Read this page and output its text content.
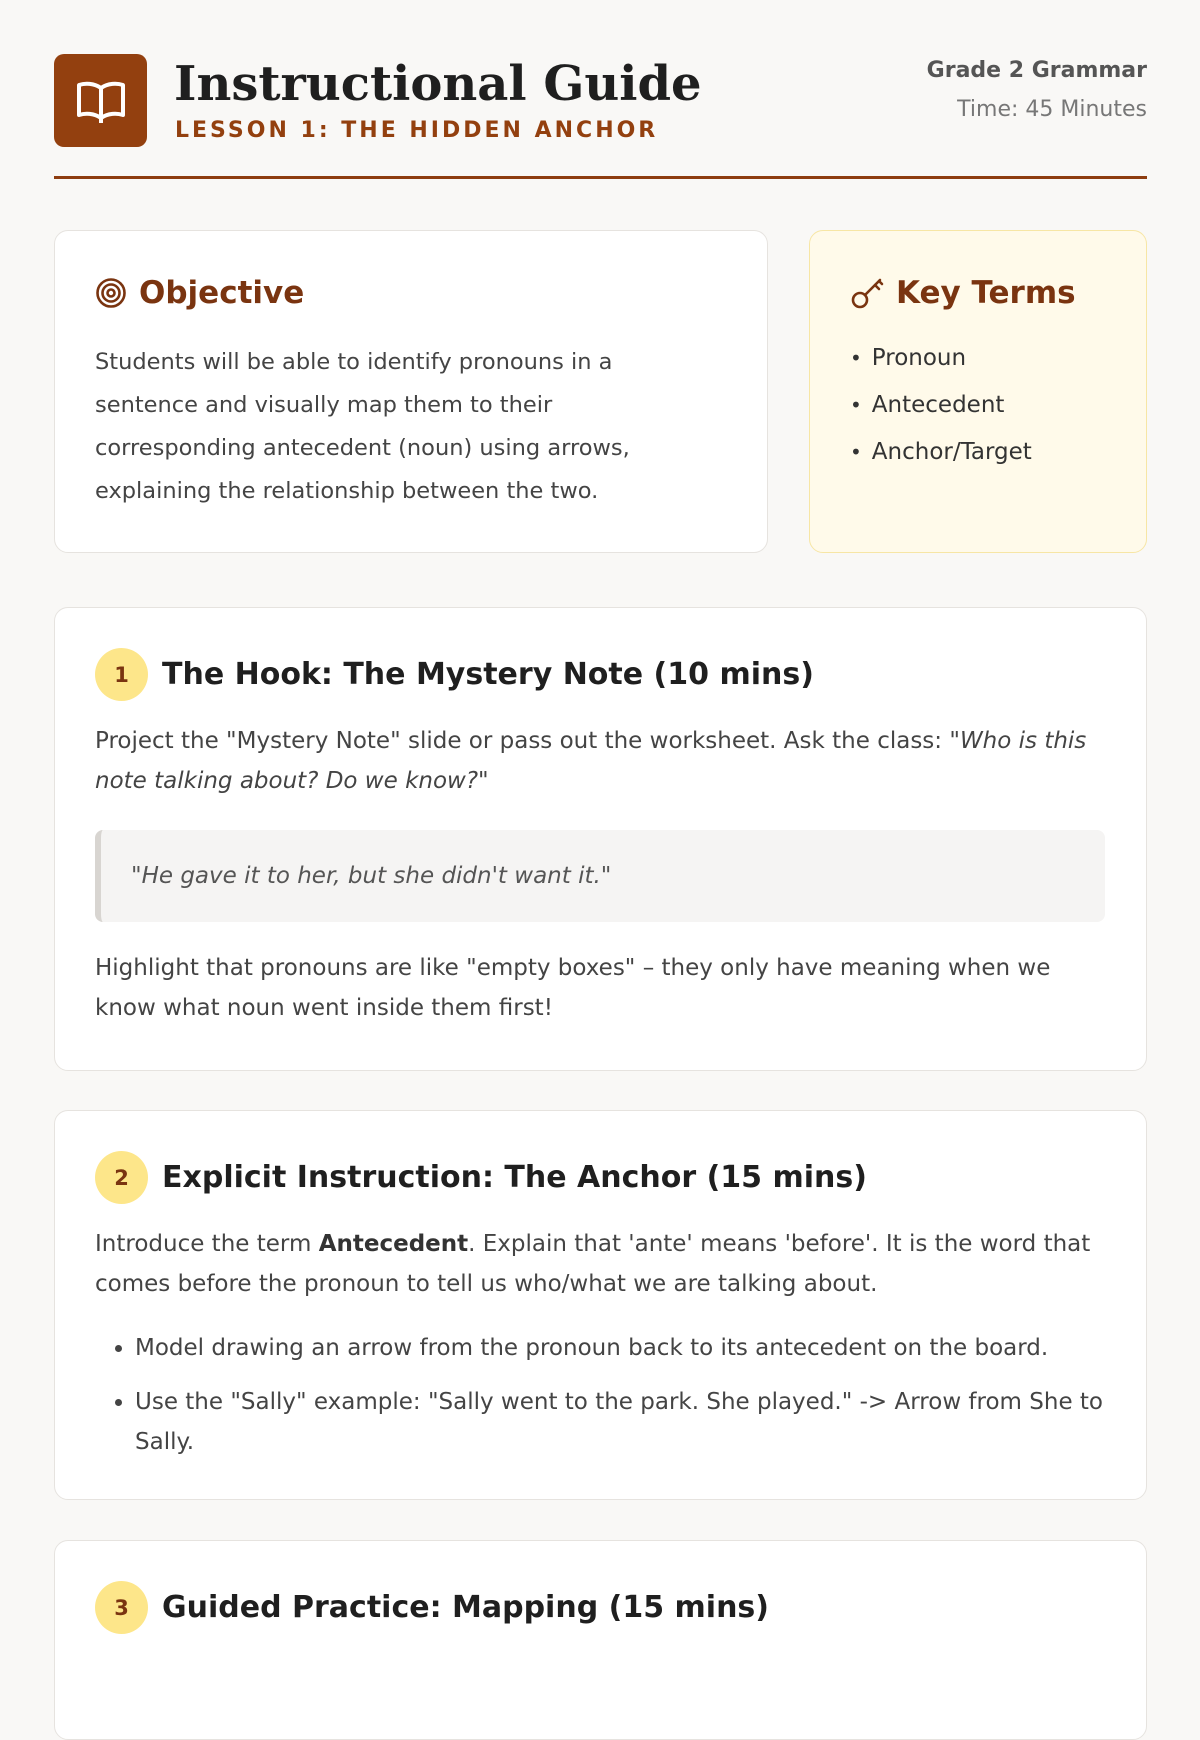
Instructional Guide
LESSON 1: THE HIDDEN ANCHOR
Grade 2 Grammar
Time: 45 Minutes
Objective

Students will be able to identify pronouns in a sentence and visually map them to their corresponding antecedent (noun) using arrows, explaining the relationship between the two.

Key Terms
• Pronoun
• Antecedent
• Anchor/Target
1	The Hook: The Mystery Note (10 mins)

Project the "Mystery Note" slide or pass out the worksheet. Ask the class: "Who is this note talking about? Do we know?"

"He gave it to her, but she didn't want it."

Highlight that pronouns are like "empty boxes" – they only have meaning when we know what noun went inside them first!

2	Explicit Instruction: The Anchor (15 mins)

Introduce the term Antecedent. Explain that 'ante' means 'before'. It is the word that comes before the pronoun to tell us who/what we are talking about.

• Model drawing an arrow from the pronoun back to its antecedent on the board.
• Use the "Sally" example: "Sally went to the park. She played." -> Arrow from She to Sally.
3	Guided Practice: Mapping (15 mins)
